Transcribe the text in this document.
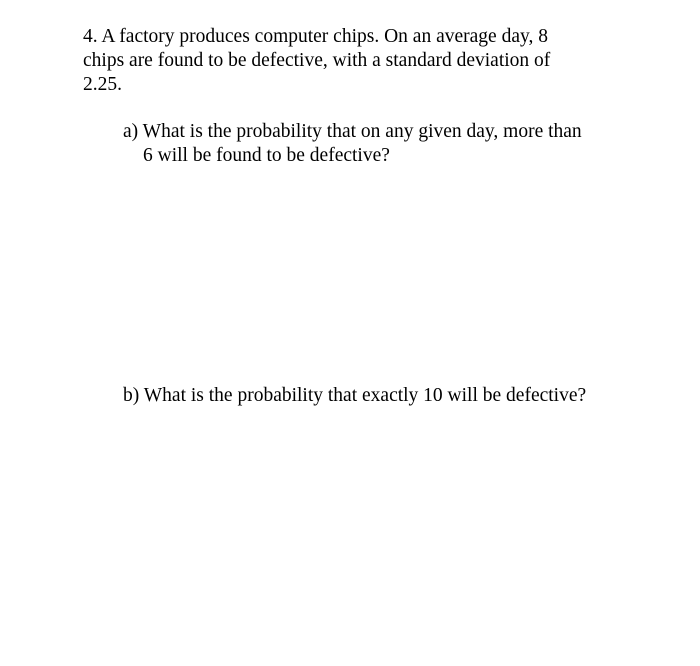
4. A factory produces computer chips. On an average day, 8

chips are found to be defective, with a standard deviation of

2.25.

a) What is the probability that on any given day, more than

6 will be found to be defective?

b) What is the probability that exactly 10 will be defective?
